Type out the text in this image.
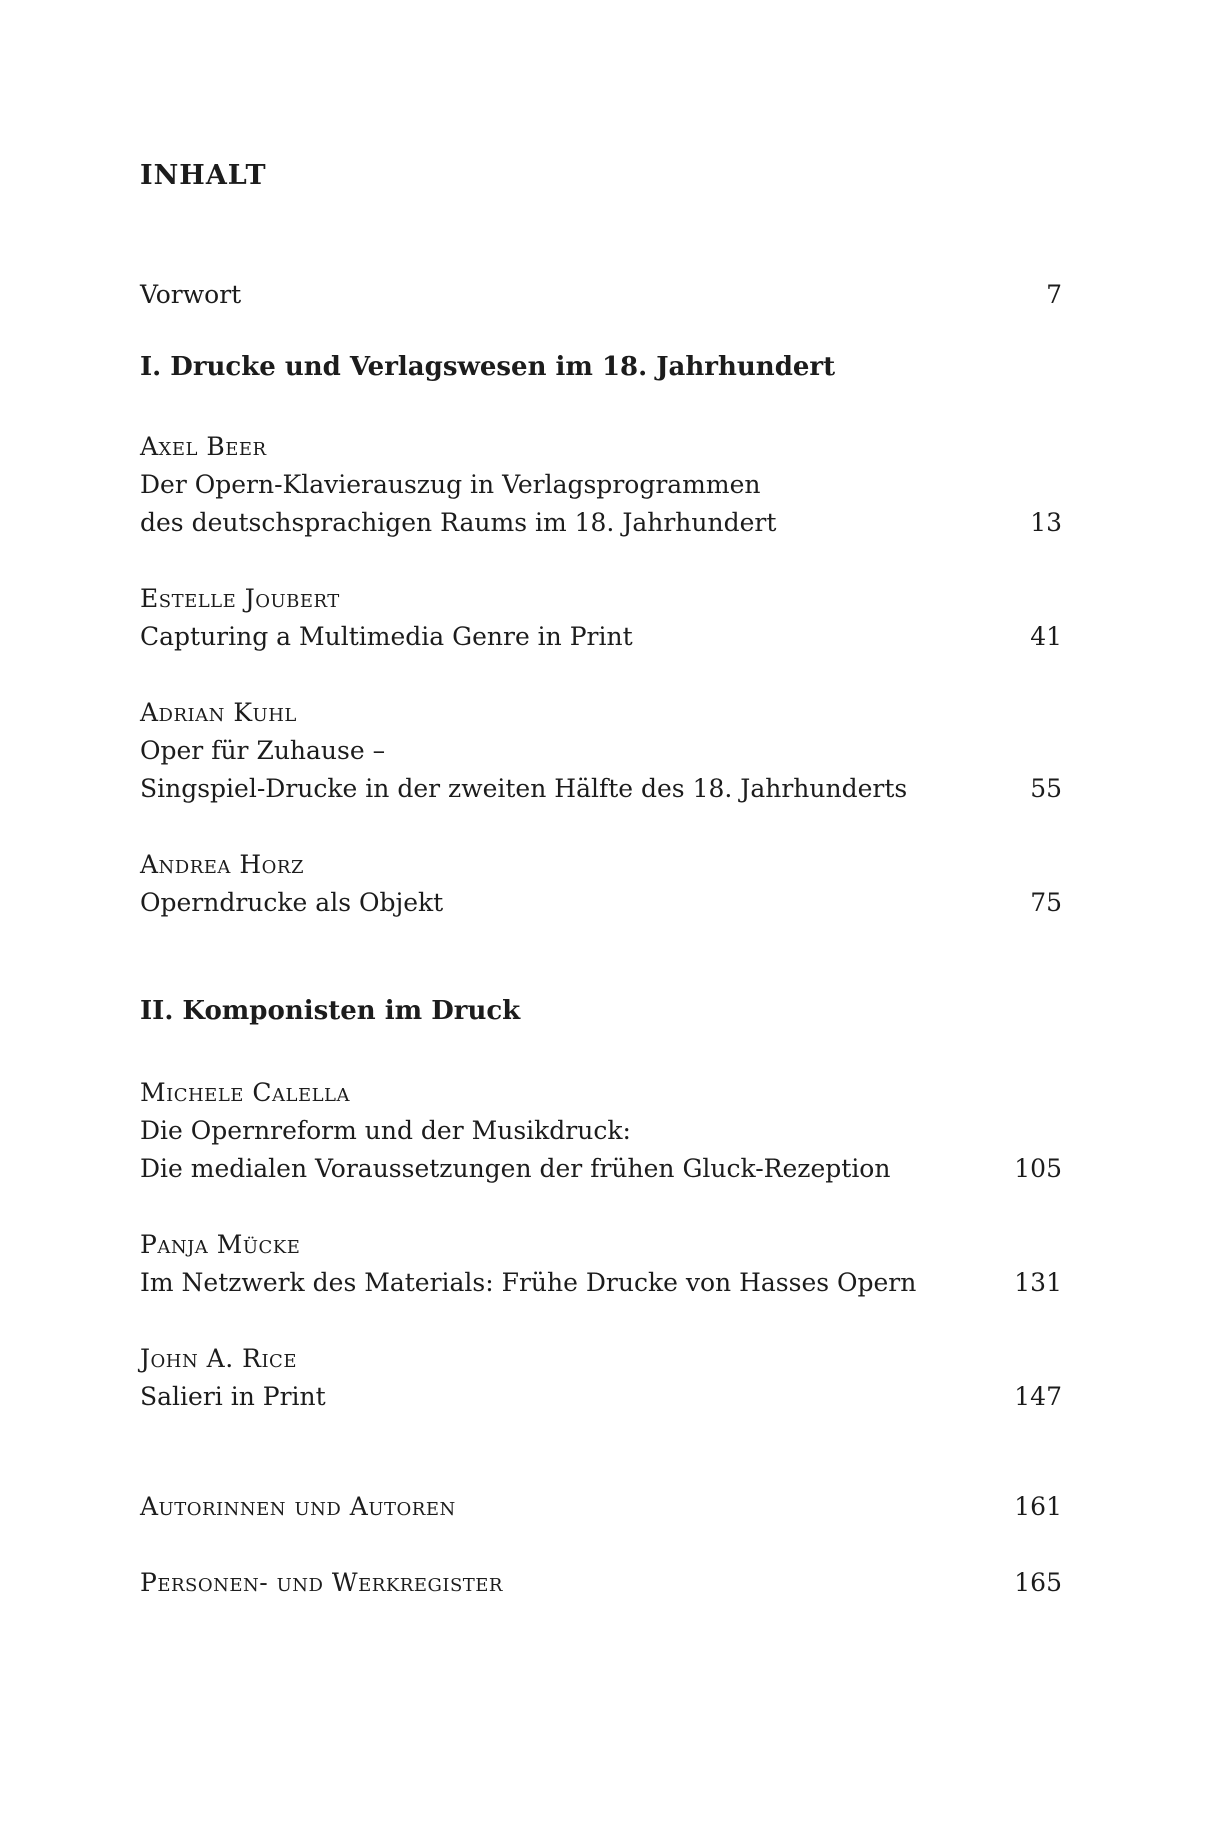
INHALT
Vorwort	7
I. Drucke und Verlagswesen im 18. Jahrhundert
Axel Beer
Der Opern-Klavierauszug in Verlagsprogrammen
des deutschsprachigen Raums im 18. Jahrhundert	13
Estelle Joubert
Capturing a Multimedia Genre in Print	41
Adrian Kuhl
Oper für Zuhause –
Singspiel-Drucke in der zweiten Hälfte des 18. Jahrhunderts	55
Andrea Horz
Operndrucke als Objekt	75
II. Komponisten im Druck
Michele Calella
Die Opernreform und der Musikdruck:
Die medialen Voraussetzungen der frühen Gluck-Rezeption	105
Panja Mücke
Im Netzwerk des Materials: Frühe Drucke von Hasses Opern	131
John A. Rice
Salieri in Print	147
Autorinnen und Autoren	161
Personen- und Werkregister	165
